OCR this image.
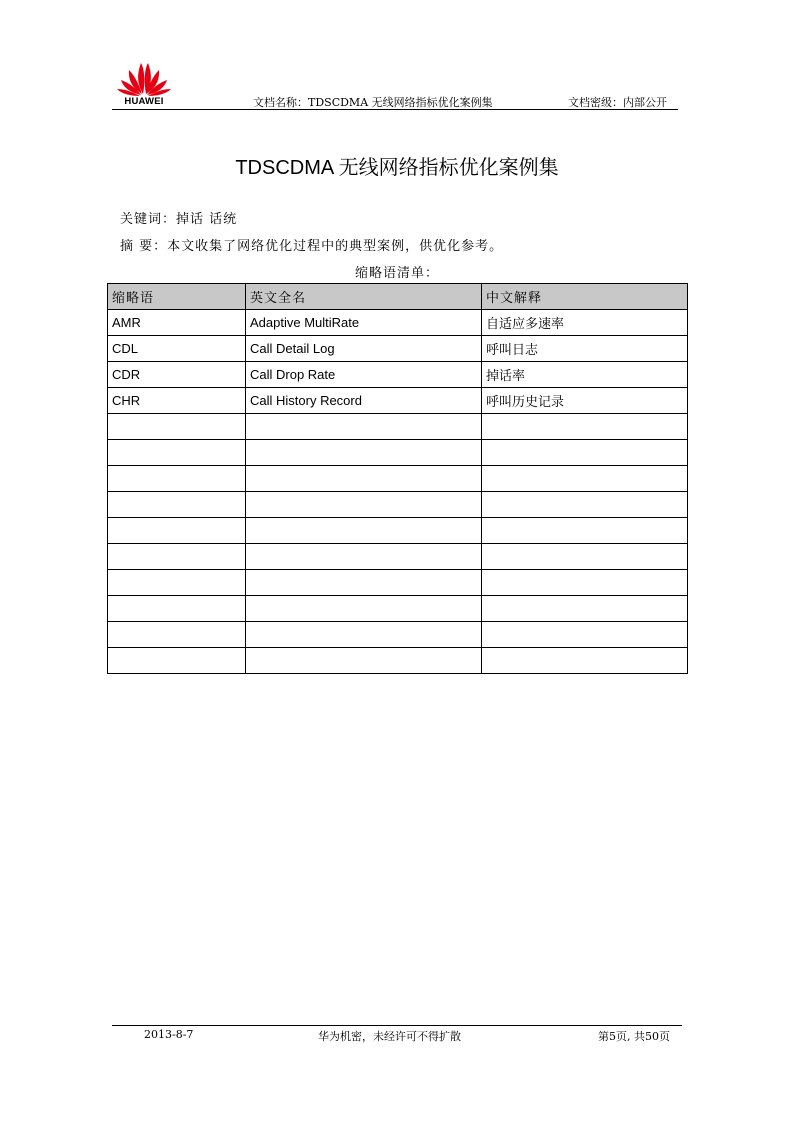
HUAWEI	文档名称：TDSCDMA 无线网络指标优化案例集	文档密级：内部公开
TDSCDMA 无线网络指标优化案例集
关键词：掉话 话统
摘 要：本文收集了网络优化过程中的典型案例，供优化参考。
缩略语清单：
缩略语	英文全名	中文解释
AMR	Adaptive MultiRate	自适应多速率
CDL	Call Detail Log	呼叫日志
CDR	Call Drop Rate	掉话率
CHR	Call History Record	呼叫历史记录

2013-8-7	华为机密，未经许可不得扩散	第5页, 共50页
